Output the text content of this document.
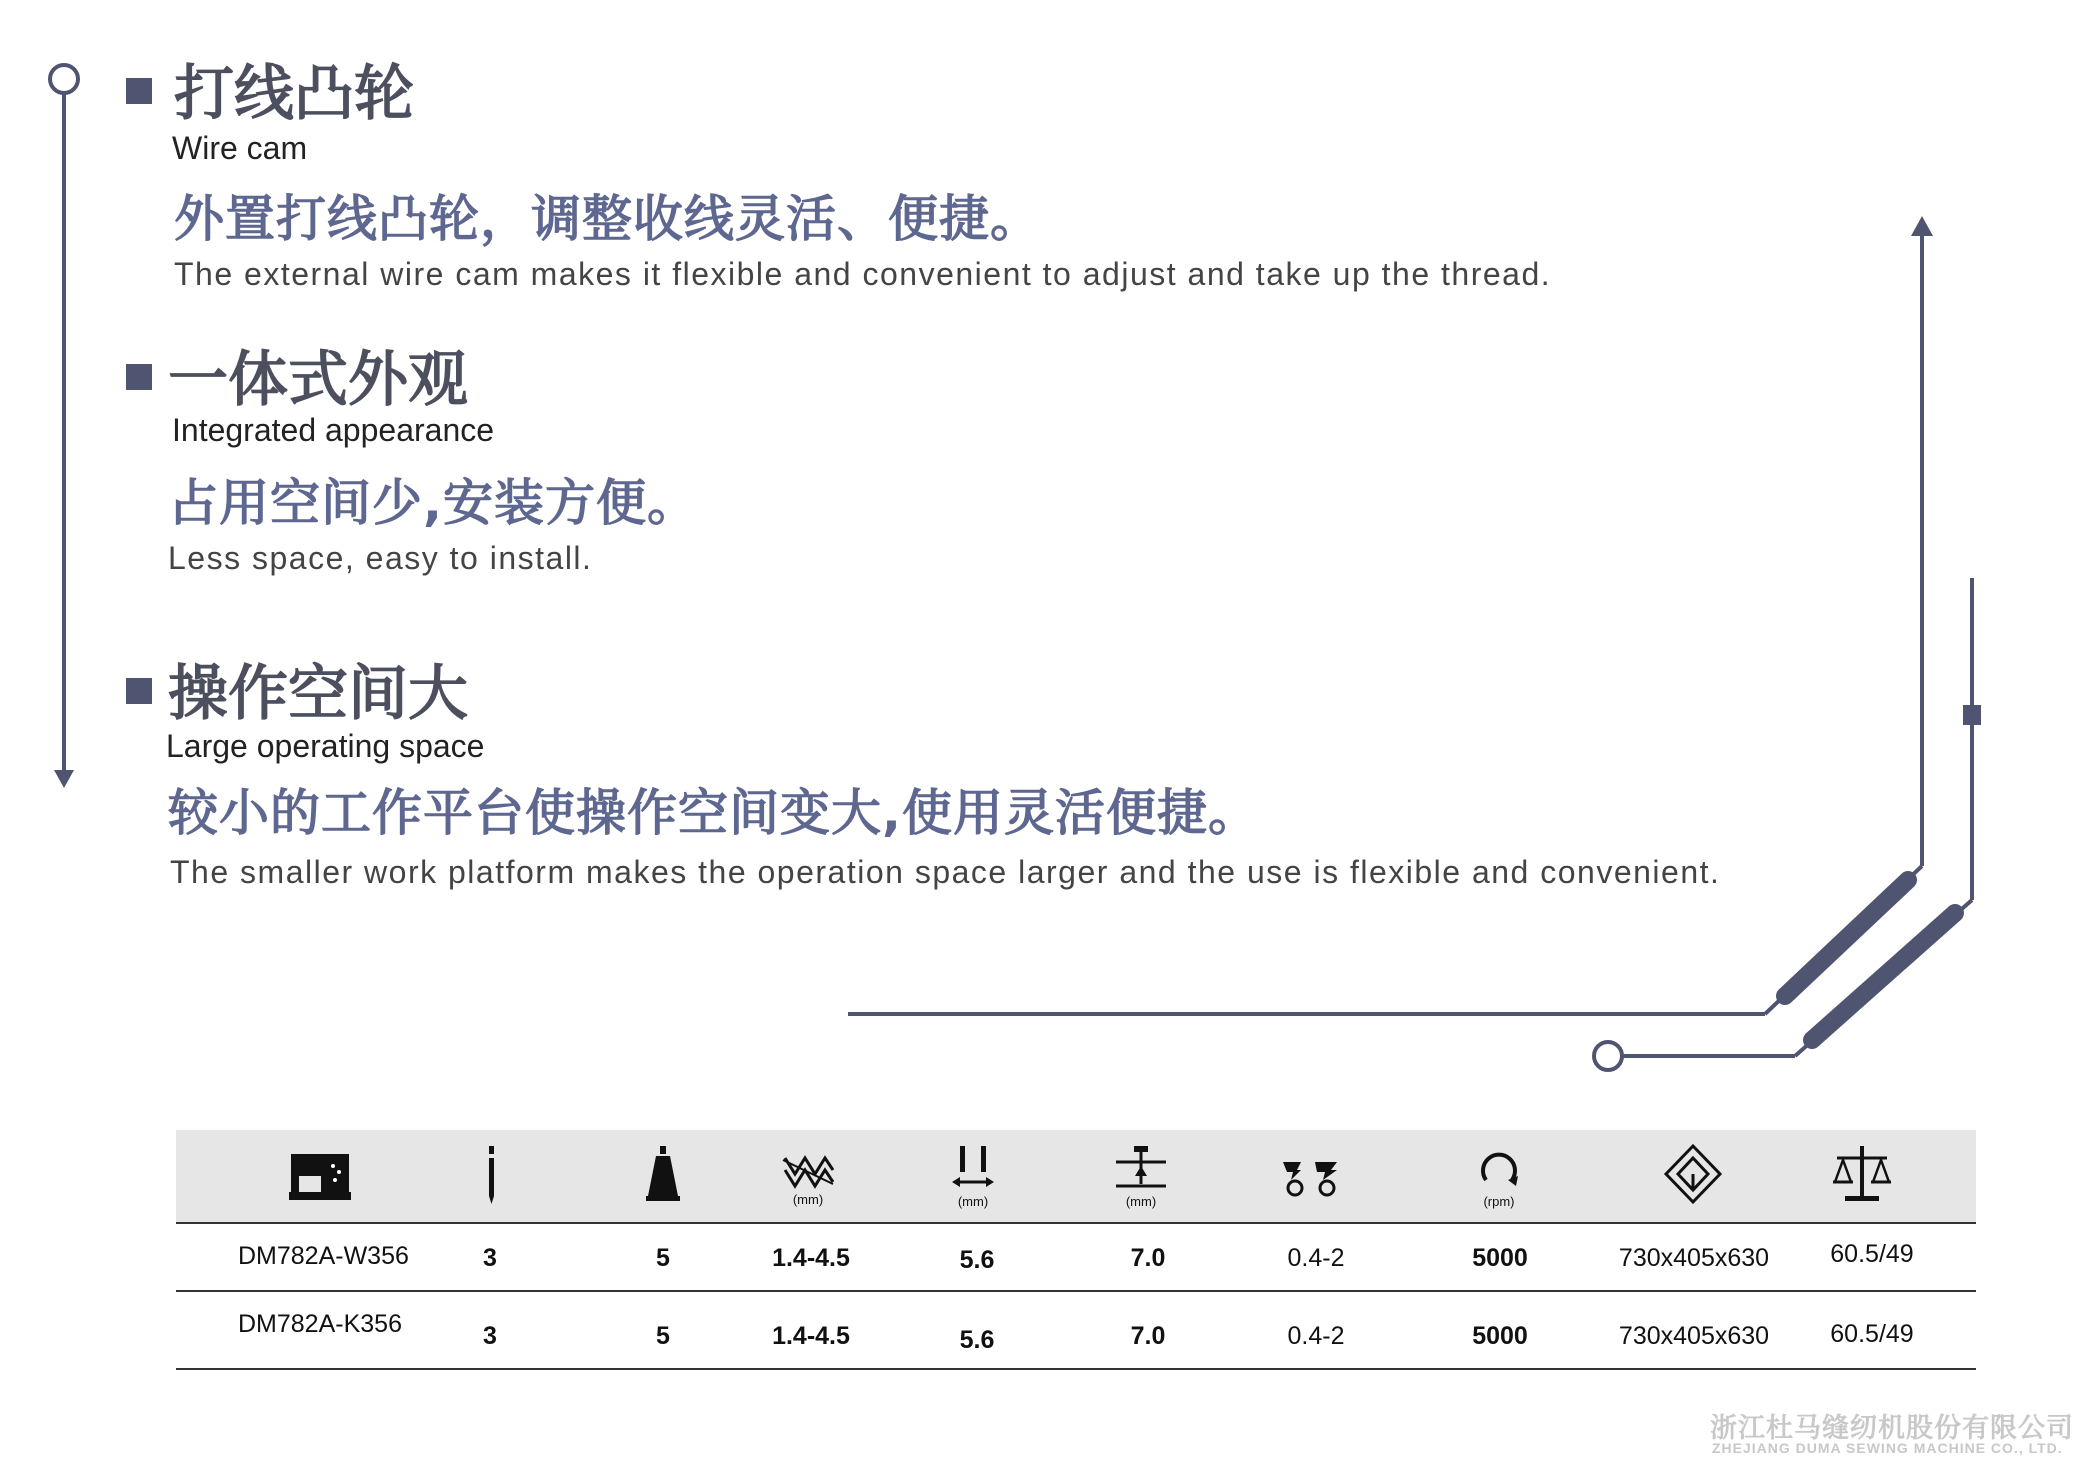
打线凸轮
Wire cam
外置打线凸轮，调整收线灵活、便捷。
The external wire cam makes it flexible and convenient to adjust and take up the thread.
一体式外观
Integrated appearance
占用空间少,安装方便。
Less space, easy to install.
操作空间大
Large operating space
较小的工作平台使操作空间变大,使用灵活便捷。
The smaller work platform makes the operation space larger and the use is flexible and convenient.
(mm)	(mm)	(mm)	(rpm)
DM782A-W356	3	5	1.4-4.5	5.6	7.0	0.4-2	5000	730x405x630	60.5/49
DM782A-K356	3	5	1.4-4.5	5.6	7.0	0.4-2	5000	730x405x630	60.5/49
浙江杜马缝纫机股份有限公司
ZHEJIANG DUMA SEWING MACHINE CO., LTD.
